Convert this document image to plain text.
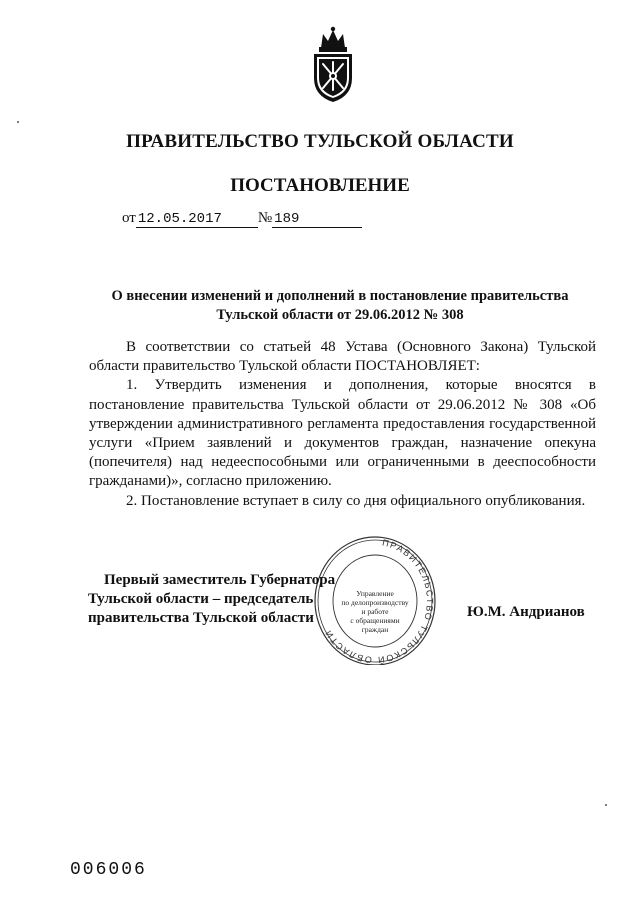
ПРАВИТЕЛЬСТВО ТУЛЬСКОЙ ОБЛАСТИ
ПОСТАНОВЛЕНИЕ
от 12.05.2017 № 189
О внесении изменений и дополнений в постановление правительства
Тульской области от 29.06.2012 № 308

В соответствии со статьей 48 Устава (Основного Закона) Тульской области правительство Тульской области ПОСТАНОВЛЯЕТ:

1. Утвердить изменения и дополнения, которые вносятся в постановление правительства Тульской области от 29.06.2012 № 308 «Об утверждении административного регламента предоставления государственной услуги «Прием заявлений и документов граждан, назначение опекуна (попечителя) над недееспособными или ограниченными в дееспособности гражданами)», согласно приложению.

2. Постановление вступает в силу со дня официального опубликования.

ПРАВИТЕЛЬСТВО ТУЛЬСКОЙ ОБЛАСТИ
Управление
по делопроизводству
и работе
с обращениями
граждан
Первый заместитель Губернатора
Тульской области – председатель
правительства Тульской области	Ю.М. Андрианов
006006
